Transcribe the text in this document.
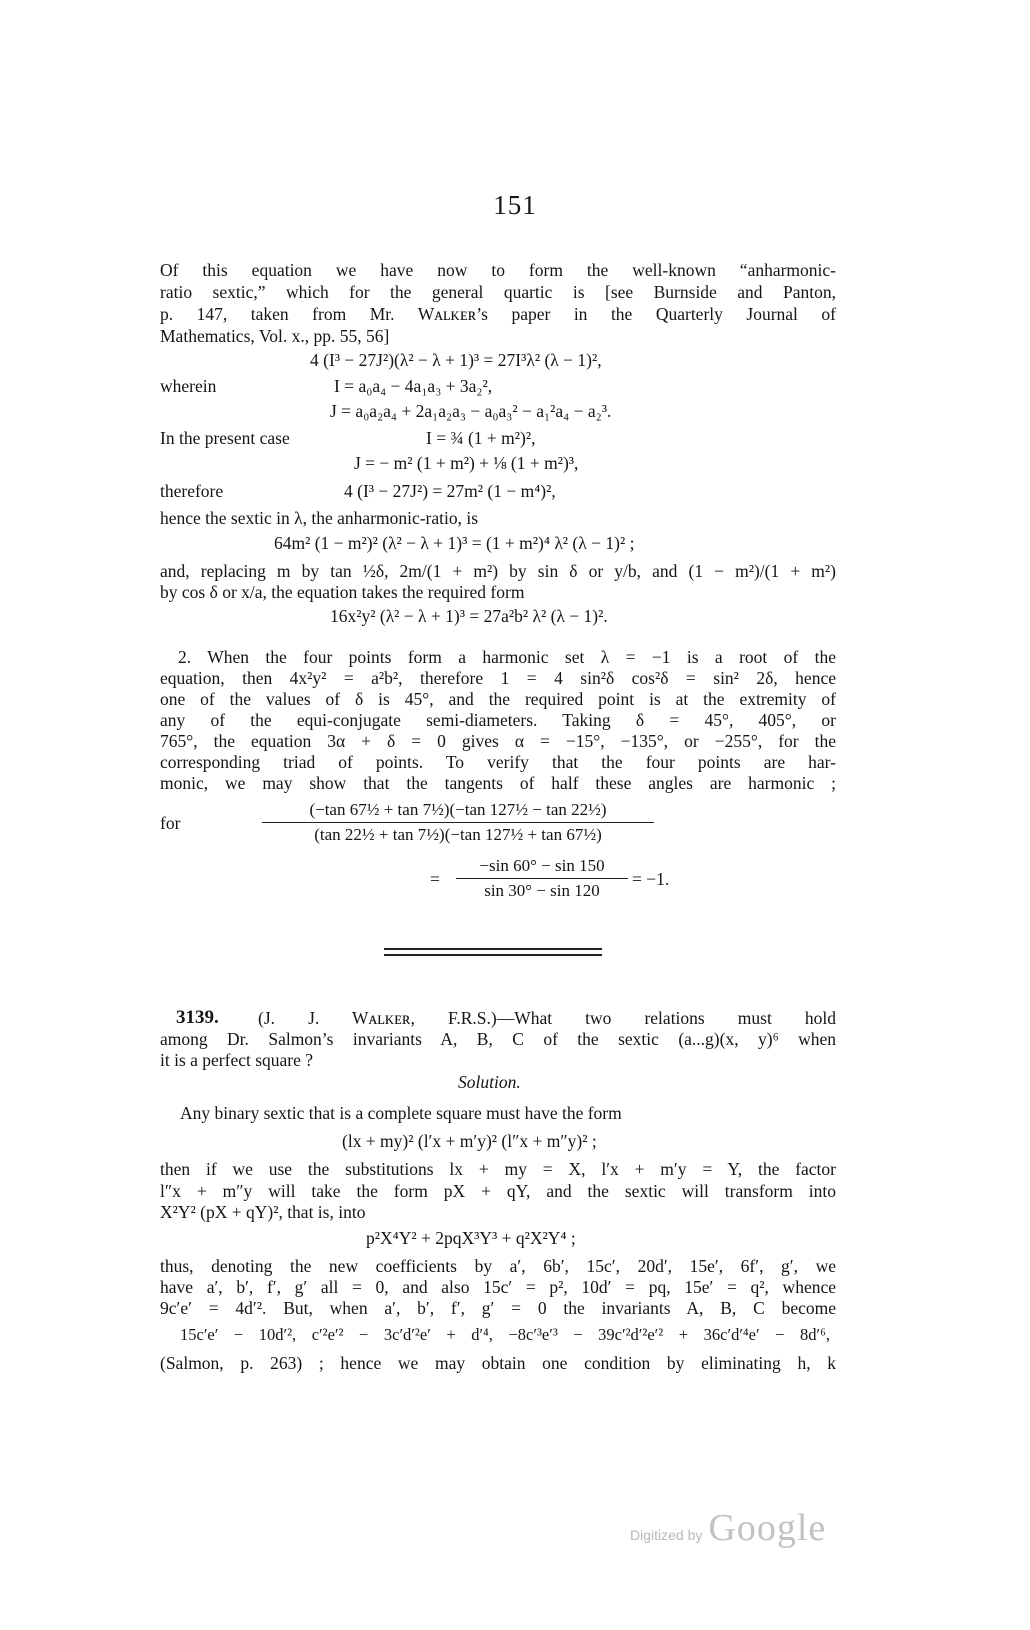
151
Of this equation we have now to form the well-known “anharmonic-
ratio sextic,” which for the general quartic is [see Burnside and Panton,
p. 147, taken from Mr. Wᴀʟᴋᴇʀ’s paper in the Quarterly Journal of
Mathematics, Vol. x., pp. 55, 56]
4 (I³ − 27J²)(λ² − λ + 1)³ = 27I³λ² (λ − 1)²,
wherein	I = a₀a₄ − 4a₁a₃ + 3a₂²,
J = a₀a₂a₄ + 2a₁a₂a₃ − a₀a₃² − a₁²a₄ − a₂³.
In the present case	I = ¾ (1 + m²)²,
J = − m² (1 + m²) + ⅛ (1 + m²)³,
therefore	4 (I³ − 27J²) = 27m² (1 − m⁴)²,
hence the sextic in λ, the anharmonic-ratio, is
64m² (1 − m²)² (λ² − λ + 1)³ = (1 + m²)⁴ λ² (λ − 1)² ;
and, replacing m by tan ½δ, 2m/(1 + m²) by sin δ or y/b, and (1 − m²)/(1 + m²)
by cos δ or x/a, the equation takes the required form
16x²y² (λ² − λ + 1)³ = 27a²b² λ² (λ − 1)².
2. When the four points form a harmonic set λ = −1 is a root of the
equation, then 4x²y² = a²b², therefore 1 = 4 sin²δ cos²δ = sin² 2δ, hence
one of the values of δ is 45°, and the required point is at the extremity of
any of the equi-conjugate semi-diameters. Taking δ = 45°, 405°, or
765°, the equation 3α + δ = 0 gives α = −15°, −135°, or −255°, for the
corresponding triad of points. To verify that the four points are har-
monic, we may show that the tangents of half these angles are harmonic ;
for	$\frac{\text{(−tan 67½ + tan 7½)(−tan 127½ − tan 22½)}}{\text{(tan 22½ + tan 7½)(−tan 127½ + tan 67½)}}$
= $\frac{-\sin 60^\circ - \sin 150}{\sin 30^\circ - \sin 120} = -1$.
3139. (J. J. Wᴀʟᴋᴇʀ, F.R.S.)—What two relations must hold
among Dr. Salmon’s invariants A, B, C of the sextic (a...g)(x, y)⁶ when
it is a perfect square ?
Solution.
Any binary sextic that is a complete square must have the form
(lx + my)² (l′x + m′y)² (l″x + m″y)² ;
then if we use the substitutions lx + my = X, l′x + m′y = Y, the factor
l″x + m″y will take the form pX + qY, and the sextic will transform into
X²Y² (pX + qY)², that is, into
p²X⁴Y² + 2pqX³Y³ + q²X²Y⁴ ;
thus, denoting the new coefficients by a′, 6b′, 15c′, 20d′, 15e′, 6f′, g′, we
have a′, b′, f′, g′ all = 0, and also 15c′ = p², 10d′ = pq, 15e′ = q², whence
9c′e′ = 4d′². But, when a′, b′, f′, g′ = 0 the invariants A, B, C become
15c′e′ − 10d′², c′²e′² − 3c′d′²e′ + d′⁴, −8c′³e′³ − 39c′²d′²e′² + 36c′d′⁴e′ − 8d′⁶,
(Salmon, p. 263) ; hence we may obtain one condition by eliminating h, k
Digitized by Google
